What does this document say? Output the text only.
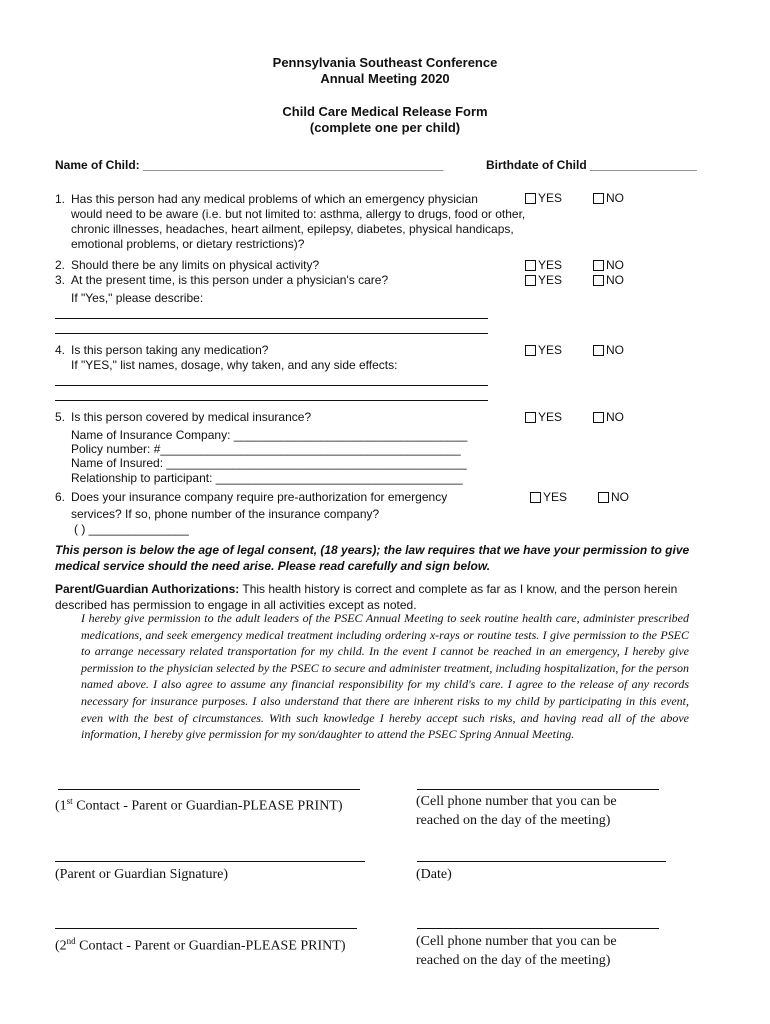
Pennsylvania Southeast Conference
Annual Meeting 2020
Child Care Medical Release Form
(complete one per child)
Name of Child: _____________________________________________	Birthdate of Child ________________
1. Has this person had any medical problems of which an emergency physician
would need to be aware (i.e. but not limited to: asthma, allergy to drugs, food or other,
chronic illnesses, headaches, heart ailment, epilepsy, diabetes, physical handicaps,
emotional problems, or dietary restrictions)?
YES	NO
2. Should there be any limits on physical activity?	YES	NO
3. At the present time, is this person under a physician's care?	YES	NO
If "Yes," please describe:
4. Is this person taking any medication?	YES	NO
If "YES," list names, dosage, why taken, and any side effects:
5. Is this person covered by medical insurance?	YES	NO
Name of Insurance Company: ___________________________________
Policy number: #_____________________________________________
Name of Insured: _____________________________________________
Relationship to participant: _____________________________________
6. Does your insurance company require pre-authorization for emergency
services? If so, phone number of the insurance company?
( ) _______________
YES	NO
This person is below the age of legal consent, (18 years); the law requires that we have your permission to give medical service should the need arise. Please read carefully and sign below.
Parent/Guardian Authorizations: This health history is correct and complete as far as I know, and the person herein described has permission to engage in all activities except as noted.
I hereby give permission to the adult leaders of the PSEC Annual Meeting to seek routine health care, administer prescribed medications, and seek emergency medical treatment including ordering x-rays or routine tests. I give permission to the PSEC to arrange necessary related transportation for my child. In the event I cannot be reached in an emergency, I hereby give permission to the physician selected by the PSEC to secure and administer treatment, including hospitalization, for the person named above. I also agree to assume any financial responsibility for my child's care. I agree to the release of any records necessary for insurance purposes. I also understand that there are inherent risks to my child by participating in this event, even with the best of circumstances. With such knowledge I hereby accept such risks, and having read all of the above information, I hereby give permission for my son/daughter to attend the PSEC Spring Annual Meeting.
(1st Contact - Parent or Guardian-PLEASE PRINT)	(Cell phone number that you can be reached on the day of the meeting)
(Parent or Guardian Signature)	(Date)
(2nd Contact - Parent or Guardian-PLEASE PRINT)	(Cell phone number that you can be reached on the day of the meeting)
